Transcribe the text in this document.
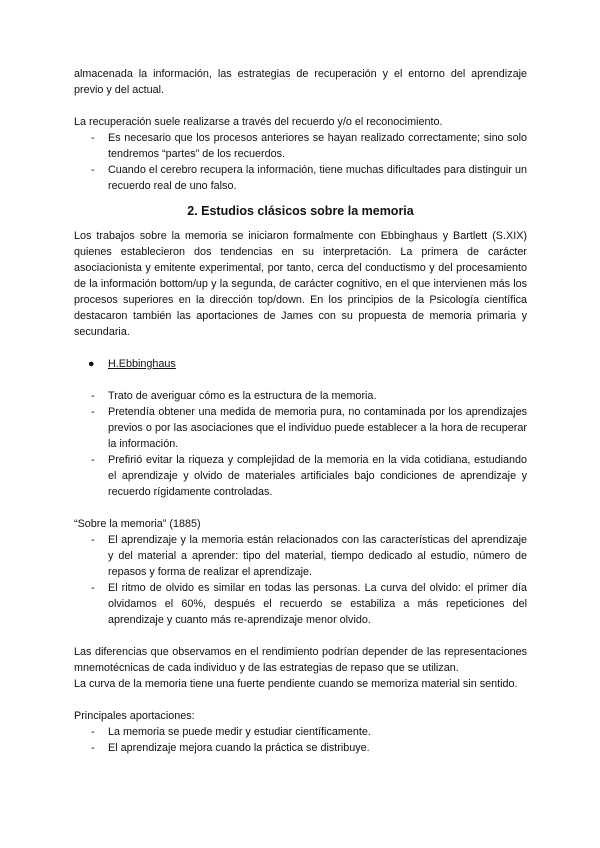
almacenada la información, las estrategias de recuperación y el entorno del aprendizaje previo y del actual.

La recuperación suele realizarse a través del recuerdo y/o el reconocimiento.

- Es necesario que los procesos anteriores se hayan realizado correctamente; sino solo tendremos “partes” de los recuerdos.
- Cuando el cerebro recupera la información, tiene muchas dificultades para distinguir un recuerdo real de uno falso.
2. Estudios clásicos sobre la memoria

Los trabajos sobre la memoria se iniciaron formalmente con Ebbinghaus y Bartlett (S.XIX) quienes establecieron dos tendencias en su interpretación. La primera de carácter asociacionista y emitente experimental, por tanto, cerca del conductismo y del procesamiento de la información bottom/up y la segunda, de carácter cognitivo, en el que intervienen más los procesos superiores en la dirección top/down. En los principios de la Psicología científica destacaron también las aportaciones de James con su propuesta de memoria primaria y secundaria.

● H.Ebbinghaus
- Trato de averiguar cómo es la estructura de la memoria.
- Pretendía obtener una medida de memoria pura, no contaminada por los aprendizajes previos o por las asociaciones que el individuo puede establecer a la hora de recuperar la información.
- Prefirió evitar la riqueza y complejidad de la memoria en la vida cotidiana, estudiando el aprendizaje y olvido de materiales artificiales bajo condiciones de aprendizaje y recuerdo rígidamente controladas.

“Sobre la memoria” (1885)

- El aprendizaje y la memoria están relacionados con las características del aprendizaje y del material a aprender: tipo del material, tiempo dedicado al estudio, número de repasos y forma de realizar el aprendizaje.
- El ritmo de olvido es similar en todas las personas. La curva del olvido: el primer día olvidamos el 60%, después el recuerdo se estabiliza a más repeticiones del aprendizaje y cuanto más re-aprendizaje menor olvido.

Las diferencias que observamos en el rendimiento podrían depender de las representaciones mnemotécnicas de cada individuo y de las estrategias de repaso que se utilizan.

La curva de la memoria tiene una fuerte pendiente cuando se memoriza material sin sentido.

Principales aportaciones:

- La memoria se puede medir y estudiar científicamente.
- El aprendizaje mejora cuando la práctica se distribuye.
